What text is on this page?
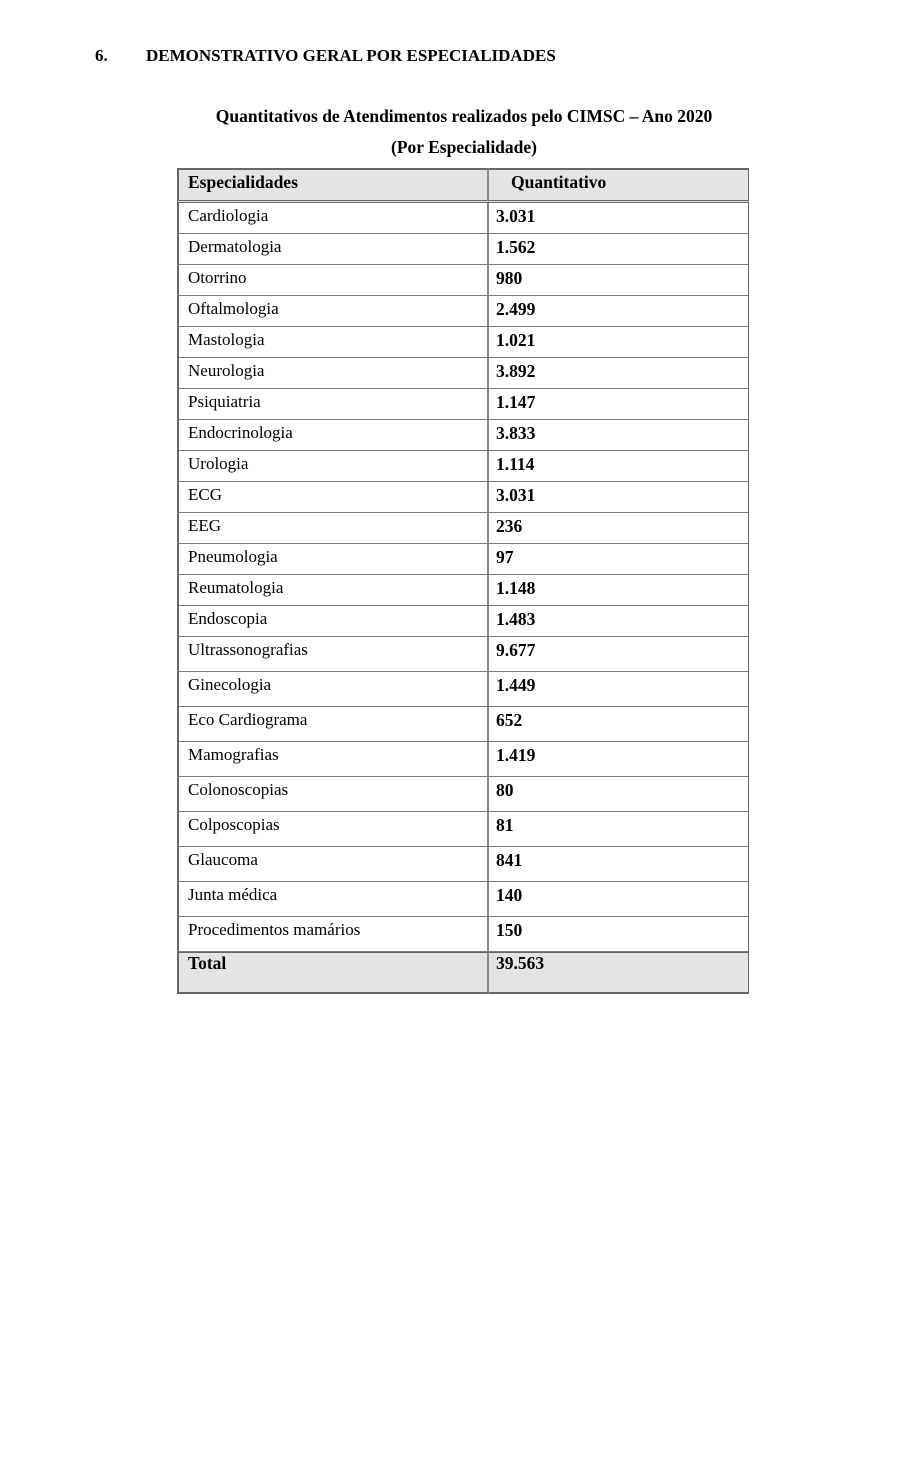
6.	DEMONSTRATIVO GERAL POR ESPECIALIDADES
Quantitativos de Atendimentos realizados pelo CIMSC – Ano 2020
(Por Especialidade)
Especialidades	Quantitativo
Cardiologia	3.031
Dermatologia	1.562
Otorrino	980
Oftalmologia	2.499
Mastologia	1.021
Neurologia	3.892
Psiquiatria	1.147
Endocrinologia	3.833
Urologia	1.114
ECG	3.031
EEG	236
Pneumologia	97
Reumatologia	1.148
Endoscopia	1.483
Ultrassonografias	9.677
Ginecologia	1.449
Eco Cardiograma	652
Mamografias	1.419
Colonoscopias	80
Colposcopias	81
Glaucoma	841
Junta médica	140
Procedimentos mamários	150
Total	39.563
